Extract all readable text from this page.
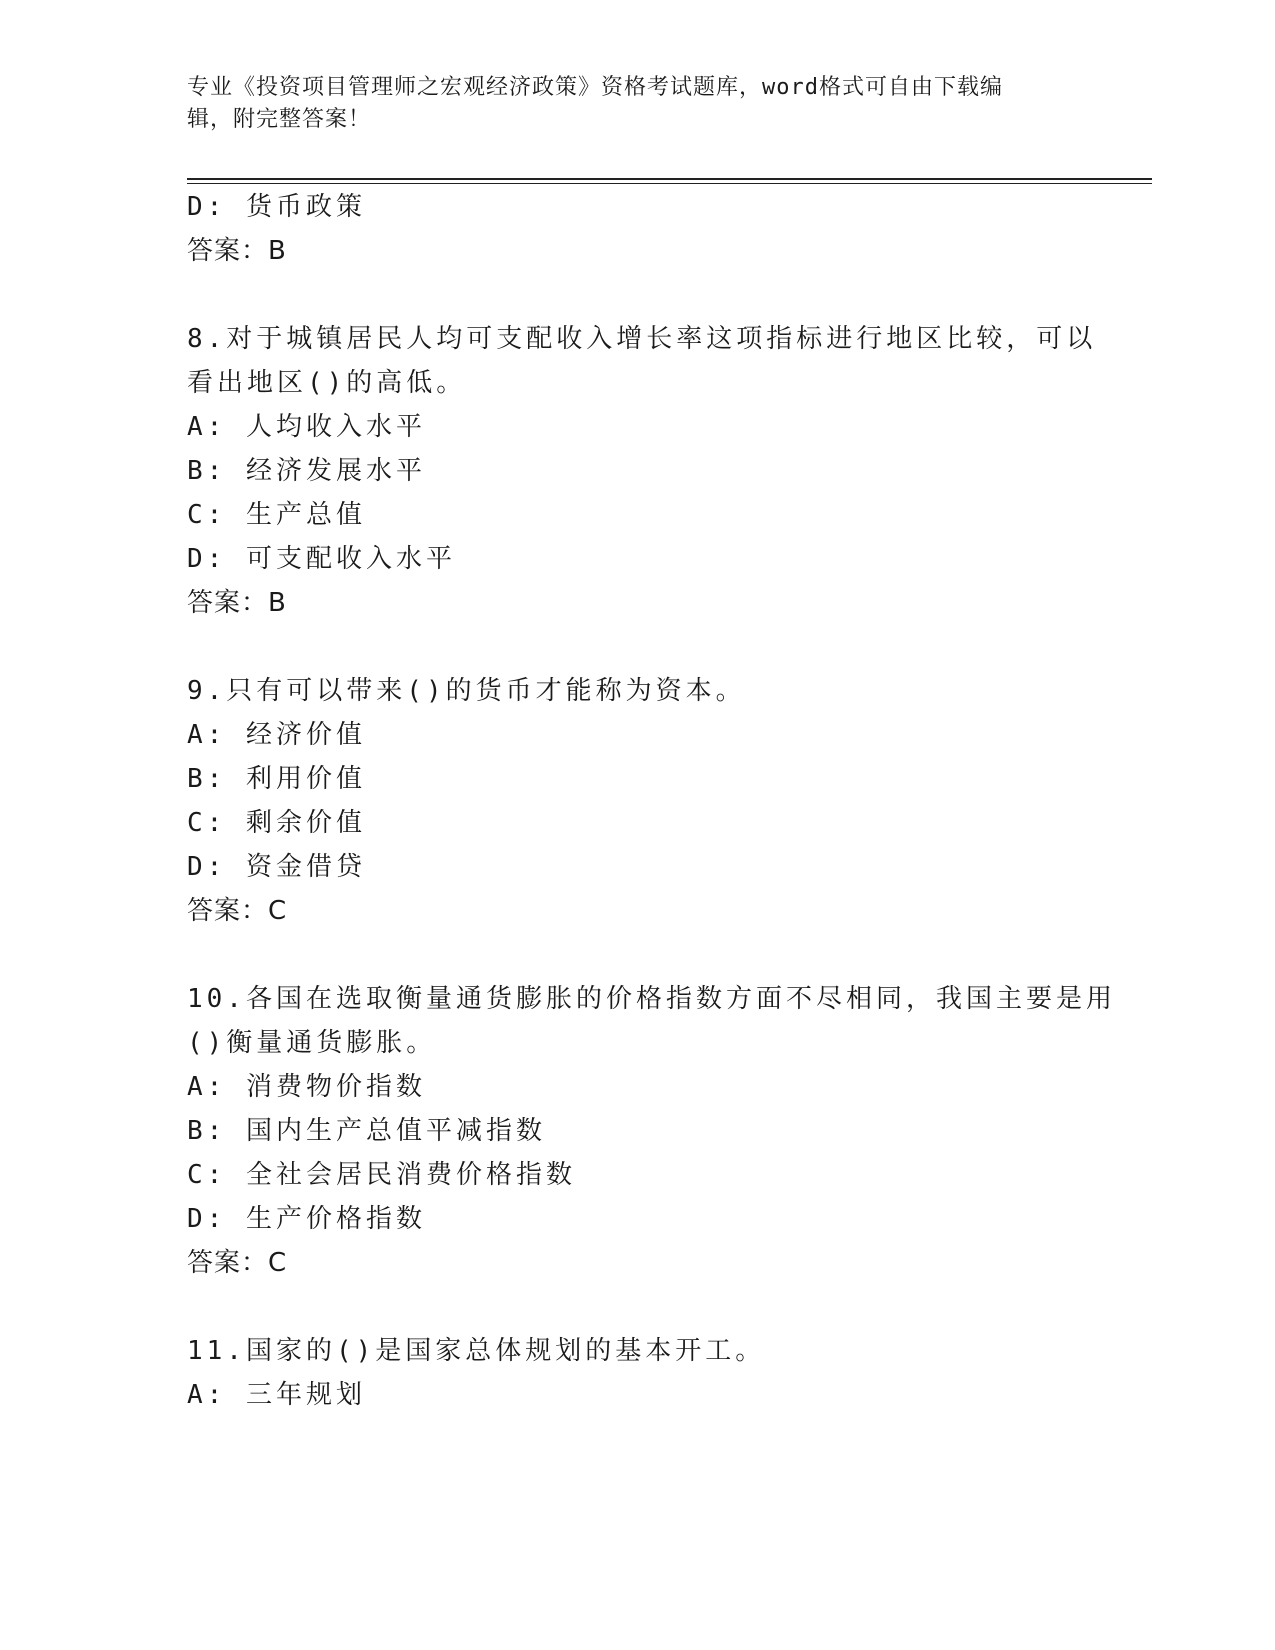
专业《投资项目管理师之宏观经济政策》资格考试题库，word格式可自由下载编
辑，附完整答案！
D: 货币政策
答案：B
8.对于城镇居民人均可支配收入增长率这项指标进行地区比较，可以
看出地区()的高低。
A: 人均收入水平
B: 经济发展水平
C: 生产总值
D: 可支配收入水平
答案：B
9.只有可以带来()的货币才能称为资本。
A: 经济价值
B: 利用价值
C: 剩余价值
D: 资金借贷
答案：C
10.各国在选取衡量通货膨胀的价格指数方面不尽相同，我国主要是用
()衡量通货膨胀。
A: 消费物价指数
B: 国内生产总值平减指数
C: 全社会居民消费价格指数
D: 生产价格指数
答案：C
11.国家的()是国家总体规划的基本开工。
A: 三年规划
